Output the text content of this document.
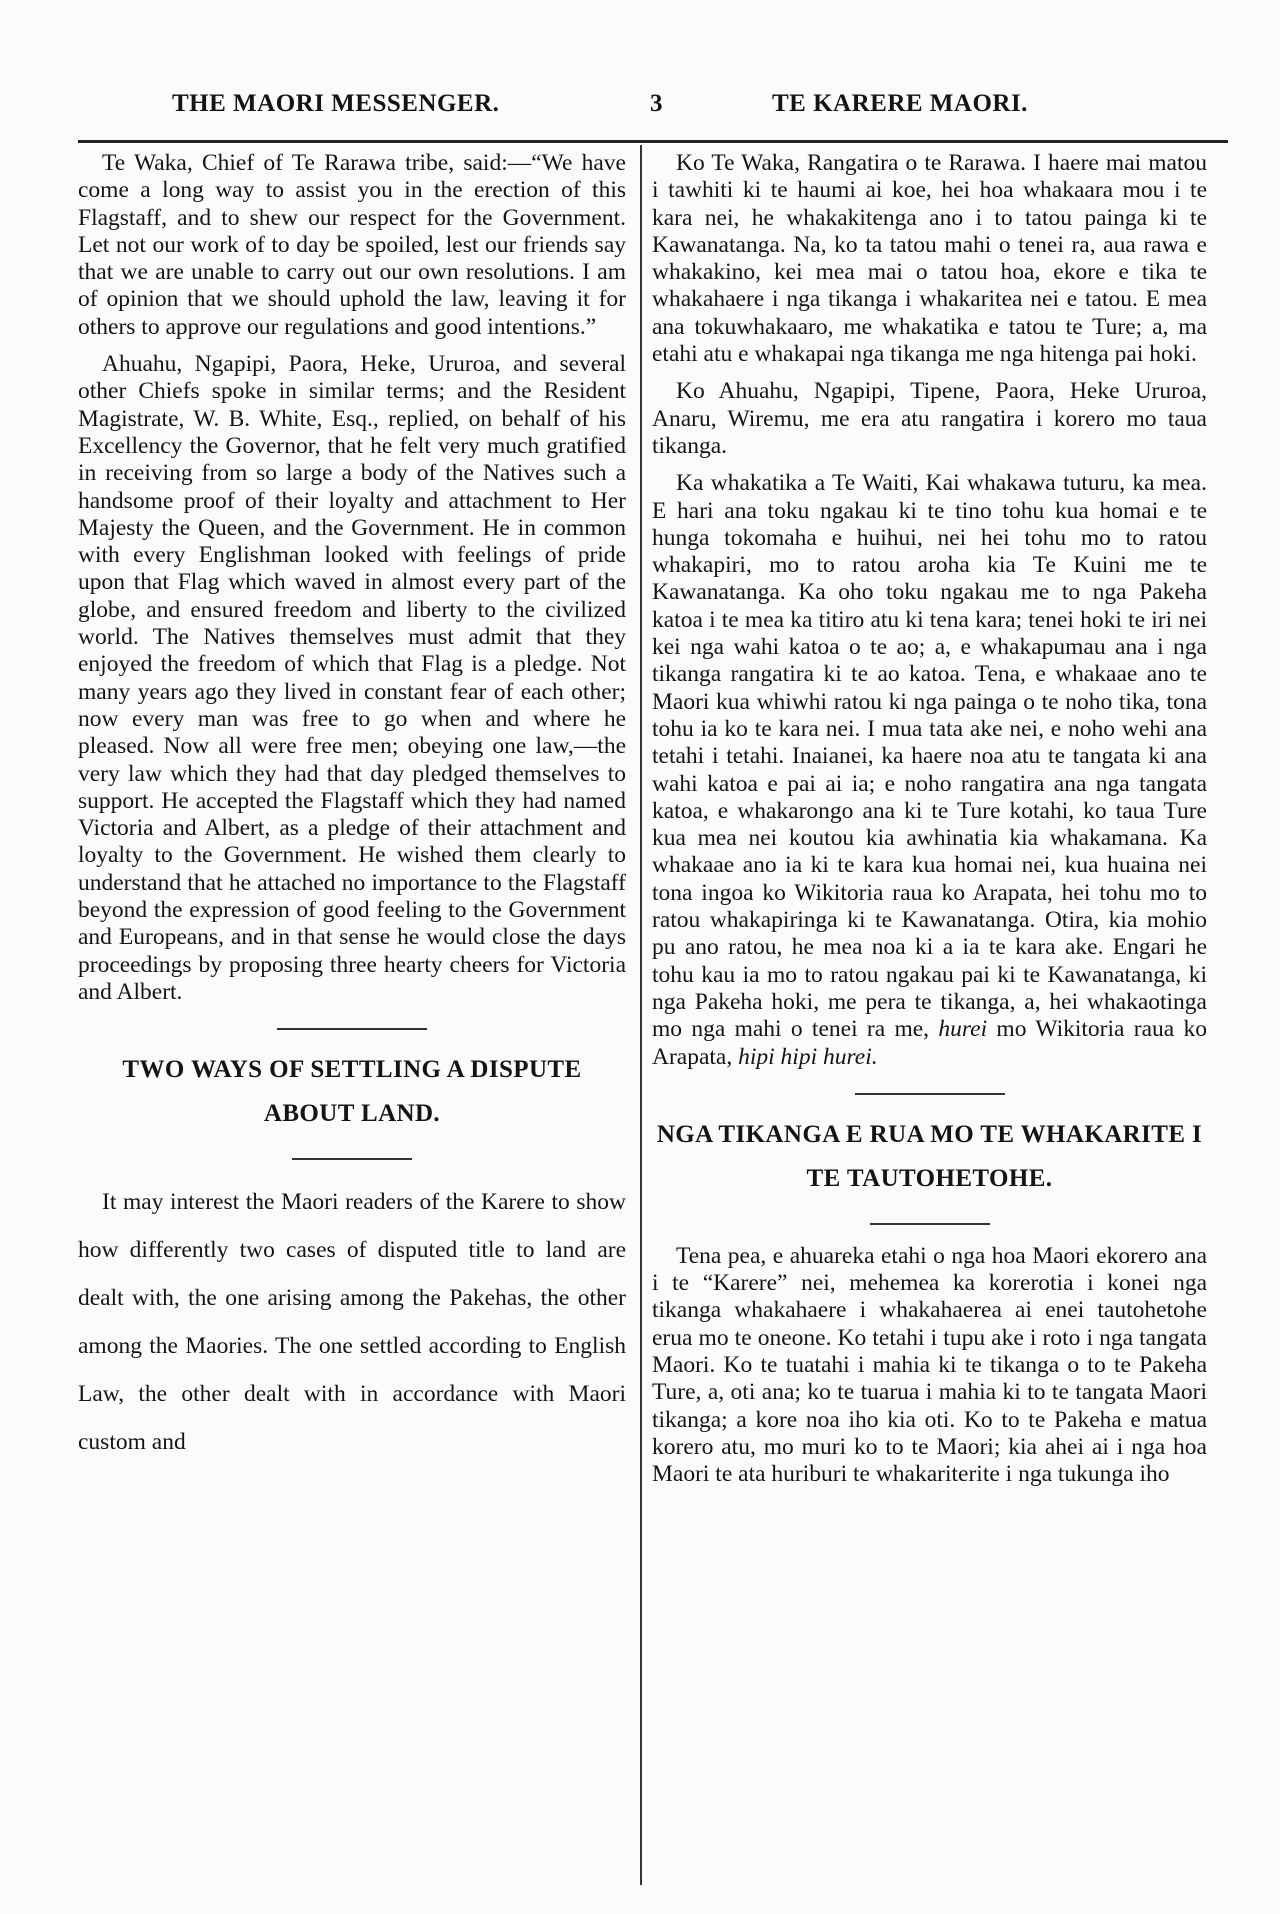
THE MAORI MESSENGER.	3	TE KARERE MAORI.

Te Waka, Chief of Te Rarawa tribe, said:—“We have come a long way to assist you in the erection of this Flagstaff, and to shew our respect for the Government. Let not our work of to day be spoiled, lest our friends say that we are unable to carry out our own resolutions. I am of opinion that we should uphold the law, leaving it for others to approve our regulations and good intentions.”

Ahuahu, Ngapipi, Paora, Heke, Ururoa, and several other Chiefs spoke in similar terms; and the Resident Magistrate, W. B. White, Esq., replied, on behalf of his Excellency the Governor, that he felt very much gratified in receiving from so large a body of the Natives such a handsome proof of their loyalty and attachment to Her Majesty the Queen, and the Government. He in common with every Englishman looked with feelings of pride upon that Flag which waved in almost every part of the globe, and ensured freedom and liberty to the civilized world. The Natives themselves must admit that they enjoyed the freedom of which that Flag is a pledge. Not many years ago they lived in constant fear of each other; now every man was free to go when and where he pleased. Now all were free men; obeying one law,—the very law which they had that day pledged themselves to support. He accepted the Flagstaff which they had named Victoria and Albert, as a pledge of their attachment and loyalty to the Government. He wished them clearly to understand that he attached no importance to the Flagstaff beyond the expression of good feeling to the Government and Europeans, and in that sense he would close the days proceedings by proposing three hearty cheers for Victoria and Albert.

TWO WAYS OF SETTLING A DISPUTE ABOUT LAND.

It may interest the Maori readers of the Karere to show how differently two cases of disputed title to land are dealt with, the one arising among the Pakehas, the other among the Maories. The one settled according to English Law, the other dealt with in accordance with Maori custom and

Ko Te Waka, Rangatira o te Rarawa. I haere mai matou i tawhiti ki te haumi ai koe, hei hoa whakaara mou i te kara nei, he whakakitenga ano i to tatou painga ki te Kawanatanga. Na, ko ta tatou mahi o tenei ra, aua rawa e whakakino, kei mea mai o tatou hoa, ekore e tika te whakahaere i nga tikanga i whakaritea nei e tatou. E mea ana tokuwhakaaro, me whakatika e tatou te Ture; a, ma etahi atu e whakapai nga tikanga me nga hitenga pai hoki.

Ko Ahuahu, Ngapipi, Tipene, Paora, Heke Ururoa, Anaru, Wiremu, me era atu rangatira i korero mo taua tikanga.

Ka whakatika a Te Waiti, Kai whakawa tuturu, ka mea. E hari ana toku ngakau ki te tino tohu kua homai e te hunga tokomaha e huihui, nei hei tohu mo to ratou whakapiri, mo to ratou aroha kia Te Kuini me te Kawanatanga. Ka oho toku ngakau me to nga Pakeha katoa i te mea ka titiro atu ki tena kara; tenei hoki te iri nei kei nga wahi katoa o te ao; a, e whakapumau ana i nga tikanga rangatira ki te ao katoa. Tena, e whakaae ano te Maori kua whiwhi ratou ki nga painga o te noho tika, tona tohu ia ko te kara nei. I mua tata ake nei, e noho wehi ana tetahi i tetahi. Inaianei, ka haere noa atu te tangata ki ana wahi katoa e pai ai ia; e noho rangatira ana nga tangata katoa, e whakarongo ana ki te Ture kotahi, ko taua Ture kua mea nei koutou kia awhinatia kia whakamana. Ka whakaae ano ia ki te kara kua homai nei, kua huaina nei tona ingoa ko Wikitoria raua ko Arapata, hei tohu mo to ratou whakapiringa ki te Kawanatanga. Otira, kia mohio pu ano ratou, he mea noa ki a ia te kara ake. Engari he tohu kau ia mo to ratou ngakau pai ki te Kawanatanga, ki nga Pakeha hoki, me pera te tikanga, a, hei whakaotinga mo nga mahi o tenei ra me, hurei mo Wikitoria raua ko Arapata, hipi hipi hurei.

NGA TIKANGA E RUA MO TE WHAKARITE I TE TAUTOHETOHE.

Tena pea, e ahuareka etahi o nga hoa Maori ekorero ana i te “Karere” nei, mehemea ka korerotia i konei nga tikanga whakahaere i whakahaerea ai enei tautohetohe erua mo te oneone. Ko tetahi i tupu ake i roto i nga tangata Maori. Ko te tuatahi i mahia ki te tikanga o to te Pakeha Ture, a, oti ana; ko te tuarua i mahia ki to te tangata Maori tikanga; a kore noa iho kia oti. Ko to te Pakeha e matua korero atu, mo muri ko to te Maori; kia ahei ai i nga hoa Maori te ata huriburi te whakariterite i nga tukunga iho
